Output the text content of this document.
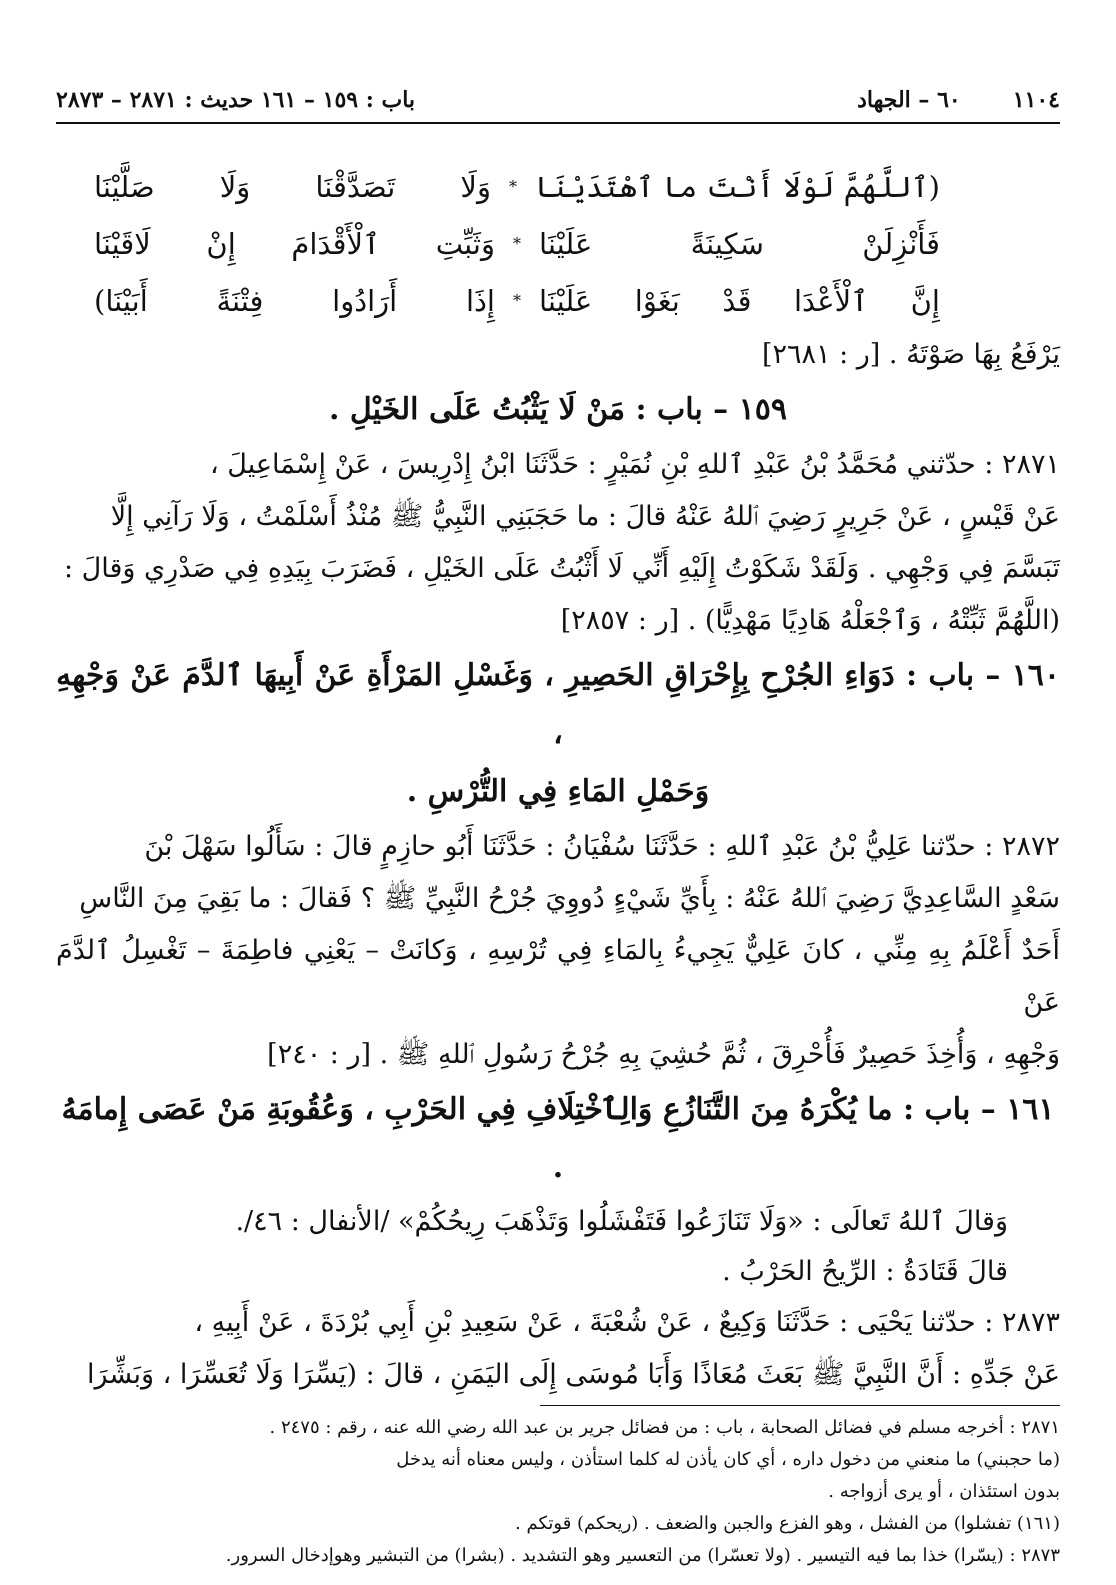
١١٠٤
٦٠ – الجهاد
باب : ١٥٩ – ١٦١ حديث : ٢٨٧١ – ٢٨٧٣
(ٱللَّهُمَّ لَوْلَا أَنْتَ ما ٱهْتَدَيْنَا
*
وَلَا تَصَدَّقْنَا وَلَا صَلَّيْنَا
فَأَنْزِلَنْ سَكِينَةً عَلَيْنَا
*
وَثَبِّتِ ٱلْأَقْدَامَ إِنْ لَاقَيْنَا
إِنَّ ٱلْأَعْدَا قَدْ بَغَوْا عَلَيْنَا
*
إِذَا أَرَادُوا فِتْنَةً أَبَيْنَا)
يَرْفَعُ بِهَا صَوْتَهُ . [ر : ٢٦٨١]
١٥٩ – باب : مَنْ لَا يَثْبُتُ عَلَى الخَيْلِ .
٢٨٧١ : حدّثني مُحَمَّدُ بْنُ عَبْدِ ٱللهِ بْنِ نُمَيْرٍ : حَدَّثَنَا ابْنُ إِدْرِيسَ ، عَنْ إِسْمَاعِيلَ ،
عَنْ قَيْسٍ ، عَنْ جَرِيرٍ رَضِيَ ٱللهُ عَنْهُ قالَ : ما حَجَبَنِي النَّبِيُّ ﷺ مُنْذُ أَسْلَمْتُ ، وَلَا رَآنِي إِلَّا
تَبَسَّمَ فِي وَجْهِي . وَلَقَدْ شَكَوْتُ إِلَيْهِ أَنِّي لَا أَثْبُتُ عَلَى الخَيْلِ ، فَضَرَبَ بِيَدِهِ فِي صَدْرِي وَقالَ :
(اللَّهُمَّ ثَبِّتْهُ ، وَٱجْعَلْهُ هَادِيًا مَهْدِيًّا) . [ر : ٢٨٥٧]
١٦٠ – باب : دَوَاءِ الجُرْحِ بِإِحْرَاقِ الحَصِيرِ ، وَغَسْلِ المَرْأَةِ عَنْ أَبِيهَا ٱلدَّمَ عَنْ وَجْهِهِ ،
وَحَمْلِ المَاءِ فِي التُّرْسِ .
٢٨٧٢ : حدّثنا عَلِيُّ بْنُ عَبْدِ ٱللهِ : حَدَّثَنَا سُفْيَانُ : حَدَّثَنَا أَبُو حازِمٍ قالَ : سَأَلُوا سَهْلَ بْنَ
سَعْدٍ السَّاعِدِيَّ رَضِيَ ٱللهُ عَنْهُ : بِأَيِّ شَيْءٍ دُووِيَ جُرْحُ النَّبِيِّ ﷺ ؟ فَقالَ : ما بَقِيَ مِنَ النَّاسِ
أَحَدٌ أَعْلَمُ بِهِ مِنِّي ، كانَ عَلِيٌّ يَجِيءُ بِالمَاءِ فِي تُرْسِهِ ، وَكانَتْ – يَعْنِي فاطِمَةَ – تَغْسِلُ ٱلدَّمَ عَنْ
وَجْهِهِ ، وَأُخِذَ حَصِيرٌ فَأُحْرِقَ ، ثُمَّ حُشِيَ بِهِ جُرْحُ رَسُولِ ٱللهِ ﷺ . [ر : ٢٤٠]
١٦١ – باب : ما يُكْرَهُ مِنَ التَّنَازُعِ وَالِٱخْتِلَافِ فِي الحَرْبِ ، وَعُقُوبَةِ مَنْ عَصَى إِمامَهُ .
وَقالَ ٱللهُ تَعالَى : «وَلَا تَنَازَعُوا فَتَفْشَلُوا وَتَذْهَبَ رِيحُكُمْ» /الأنفال : ٤٦/.
قالَ قَتَادَةُ : الرِّيحُ الحَرْبُ .
٢٨٧٣ : حدّثنا يَحْيَى : حَدَّثَنَا وَكِيعٌ ، عَنْ شُعْبَةَ ، عَنْ سَعِيدِ بْنِ أَبِي بُرْدَةَ ، عَنْ أَبِيهِ ،
عَنْ جَدِّهِ : أَنَّ النَّبِيَّ ﷺ بَعَثَ مُعَاذًا وَأَبَا مُوسَى إِلَى اليَمَنِ ، قالَ : (يَسِّرَا وَلَا تُعَسِّرَا ، وَبَشِّرَا
٢٨٧١ : أخرجه مسلم في فضائل الصحابة ، باب : من فضائل جرير بن عبد الله رضي الله عنه ، رقم : ٢٤٧٥ .
(ما حجبني) ما منعني من دخول داره ، أي كان يأذن له كلما استأذن ، وليس معناه أنه يدخل
بدون استئذان ، أو يرى أزواجه .
(١٦١) تفشلوا) من الفشل ، وهو الفزع والجبن والضعف . (ريحكم) قوتكم .
٢٨٧٣ : (يسّرا) خذا بما فيه التيسير . (ولا تعسّرا) من التعسير وهو التشديد . (بشرا) من التبشير وهوإدخال السرور.
